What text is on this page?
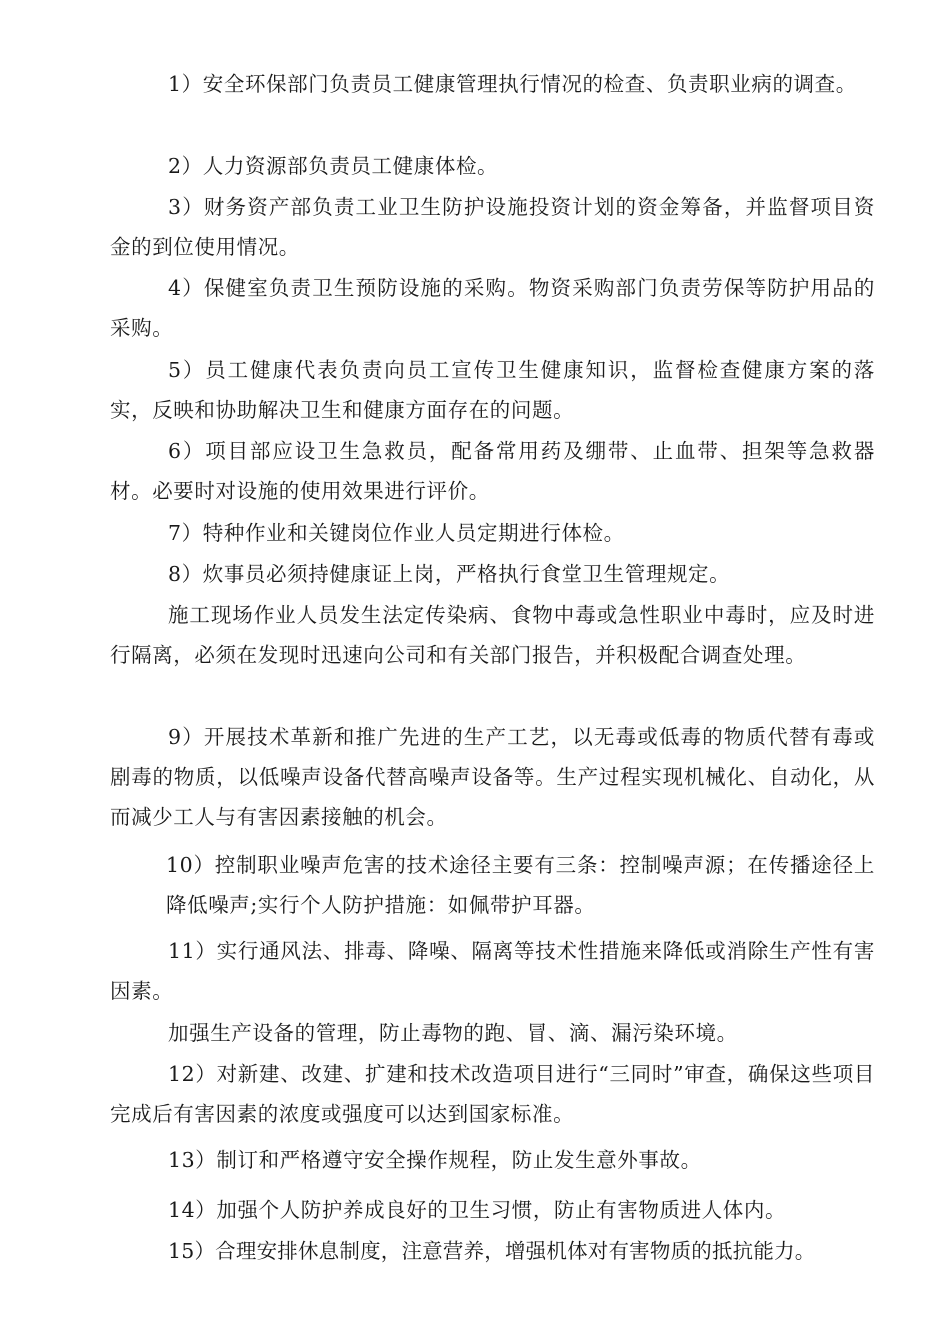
1）安全环保部门负责员工健康管理执行情况的检查、负责职业病的调查。

2）人力资源部负责员工健康体检。

3）财务资产部负责工业卫生防护设施投资计划的资金筹备，并监督项目资金的到位使用情况。

4）保健室负责卫生预防设施的采购。物资采购部门负责劳保等防护用品的采购。

5）员工健康代表负责向员工宣传卫生健康知识，监督检查健康方案的落实，反映和协助解决卫生和健康方面存在的问题。

6）项目部应设卫生急救员，配备常用药及绷带、止血带、担架等急救器材。必要时对设施的使用效果进行评价。

7）特种作业和关键岗位作业人员定期进行体检。

8）炊事员必须持健康证上岗，严格执行食堂卫生管理规定。

施工现场作业人员发生法定传染病、食物中毒或急性职业中毒时，应及时进行隔离，必须在发现时迅速向公司和有关部门报告，并积极配合调查处理。

9）开展技术革新和推广先进的生产工艺，以无毒或低毒的物质代替有毒或剧毒的物质，以低噪声设备代替高噪声设备等。生产过程实现机械化、自动化，从而减少工人与有害因素接触的机会。

10）控制职业噪声危害的技术途径主要有三条：控制噪声源；在传播途径上降低噪声;实行个人防护措施：如佩带护耳器。

11）实行通风法、排毒、降噪、隔离等技术性措施来降低或消除生产性有害因素。

加强生产设备的管理，防止毒物的跑、冒、滴、漏污染环境。

12）对新建、改建、扩建和技术改造项目进行“三同时”审查，确保这些项目完成后有害因素的浓度或强度可以达到国家标准。

13）制订和严格遵守安全操作规程，防止发生意外事故。

14）加强个人防护养成良好的卫生习惯，防止有害物质进人体内。

15）合理安排休息制度，注意营养，增强机体对有害物质的抵抗能力。
